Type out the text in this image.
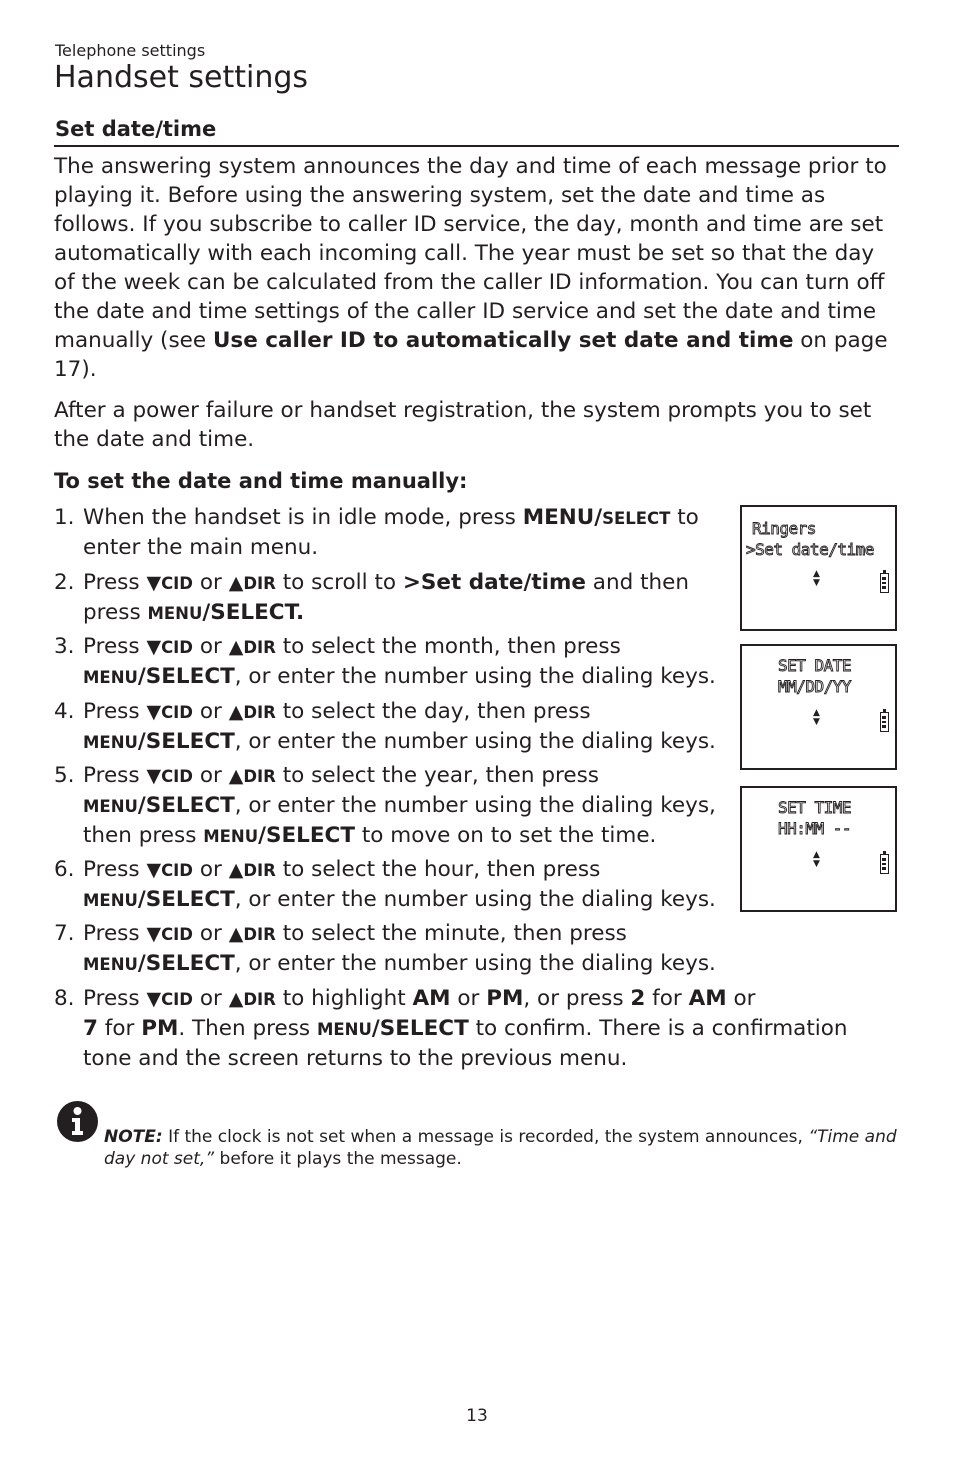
Telephone settings
Handset settings
Set date/time

The answering system announces the day and time of each message prior to playing it. Before using the answering system, set the date and time as follows. If you subscribe to caller ID service, the day, month and time are set automatically with each incoming call. The year must be set so that the day of the week can be calculated from the caller ID information. You can turn off the date and time settings of the caller ID service and set the date and time manually (see Use caller ID to automatically set date and time on page 17).

After a power failure or handset registration, the system prompts you to set the date and time.

To set the date and time manually:
1. When the handset is in idle mode, press MENU/SELECT to
enter the main menu.
2. Press ▼CID or ▲DIR to scroll to >Set date/time and then
press MENU/SELECT.
3. Press ▼CID or ▲DIR to select the month, then press
MENU/SELECT, or enter the number using the dialing keys.
4. Press ▼CID or ▲DIR to select the day, then press
MENU/SELECT, or enter the number using the dialing keys.
5. Press ▼CID or ▲DIR to select the year, then press
MENU/SELECT, or enter the number using the dialing keys,
then press MENU/SELECT to move on to set the time.
6. Press ▼CID or ▲DIR to select the hour, then press
MENU/SELECT, or enter the number using the dialing keys.
7. Press ▼CID or ▲DIR to select the minute, then press
MENU/SELECT, or enter the number using the dialing keys.
8. Press ▼CID or ▲DIR to highlight AM or PM, or press 2 for AM or
7 for PM. Then press MENU/SELECT to confirm. There is a confirmation
tone and the screen returns to the previous menu.
Ringers
>Set date/time
▲
▼
SET DATE
MM/DD/YY
▲
▼
SET TIME
HH:MM --
▲
▼

NOTE: If the clock is not set when a message is recorded, the system announces, “Time and day not set,” before it plays the message.

13
